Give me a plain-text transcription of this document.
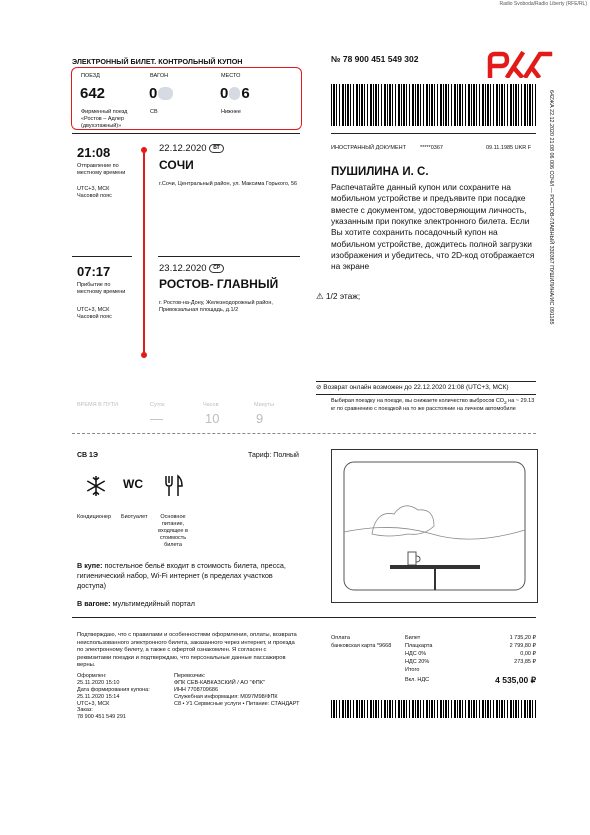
Radio Svoboda/Radio Liberty (RFE/RL)
ЭЛЕКТРОННЫЙ БИЛЕТ. КОНТРОЛЬНЫЙ КУПОН	№ 78 900 451 549 302
ПОЕЗД
642
Фирменный поезд «Ростов – Адлер (двухэтажный)»
ВАГОН
0
СВ
МЕСТО
0 6
Нижнее	642ЖА 22.12.2020 21:08 06 006 СОЧИ — РОСТОВ-ГЛАВНЫЙ 330367 ПУШИЛИНА/ИС 091185
21:08
Отправление по местному времени
UTC+3, МСК Часовой пояс
22.12.2020 ВТ
СОЧИ
г.Сочи, Центральный район, ул. Максима Горького, 56
07:17
Прибытие по местному времени
UTC+3, МСК Часовой пояс
23.12.2020 СР
РОСТОВ- ГЛАВНЫЙ
г. Ростов-на-Дону, Железнодорожный район, Привокзальная площадь, д.1/2
ИНОСТРАННЫЙ ДОКУМЕНТ	*****0367	09.11.1985 UKR F
ПУШИЛИНА И. С.
Распечатайте данный купон или сохраните на мобильном устройстве и предъявите при посадке вместе с документом, удостоверяющим личность, указанным при покупке электронного билета. Если Вы хотите сохранить посадочный купон на мобильном устройстве, дождитесь полной загрузки изображения и убедитесь, что 2D-код отображается на экране
⚠ 1/2 этаж;
⊘ Возврат онлайн возможен до 22.12.2020 21:08 (UTC+3, МСК)
Выбирая поездку на поезде, вы снижаете количество выбросов $CO_2$ на ~ 29.13 кг по сравнению с поездкой на то же расстояние на личном автомобиле
ВРЕМЯ В ПУТИ	Суток
—
Часов
10
Минуты
9
СВ 1Э	Тариф: Полный
Кондиционер
WC
Биотуалет	Основное питание, входящее в стоимость билета
В купе: постельное бельё входит в стоимость билета, пресса, гигиенический набор, Wi-Fi интернет (в пределах участков доступа)
В вагоне: мультимедийный портал
Подтверждаю, что с правилами и особенностями оформления, оплаты, возврата неиспользованного электронного билета, заказанного через интернет, и проезда по электронному билету, а также с офертой ознакомлен. Я согласен с реквизитами поездки и подтверждаю, что персональные данные пассажиров верны.
Оформлен:
25.11.2020 15:10
Дата формирования купона:
25.11.2020 15:14
UTC+3, МСК
Заказ:
78 900 451 549 291
Перевозчик:
ФПК СЕВ-КАВКАЗСКИЙ / АО "ФПК"
ИНН 7708709686
Служебная информация: М097М98/ФПК
С8 • У1 Сервисные услуги • Питание: СТАНДАРТ
Оплата
банковская карта *9668
Билет	1 735,20 ₽
Плацкарта	2 799,80 ₽
НДС 0%	0,00 ₽
НДС 20%	273,85 ₽
Итого
Вкл. НДС	4 535,00 ₽
